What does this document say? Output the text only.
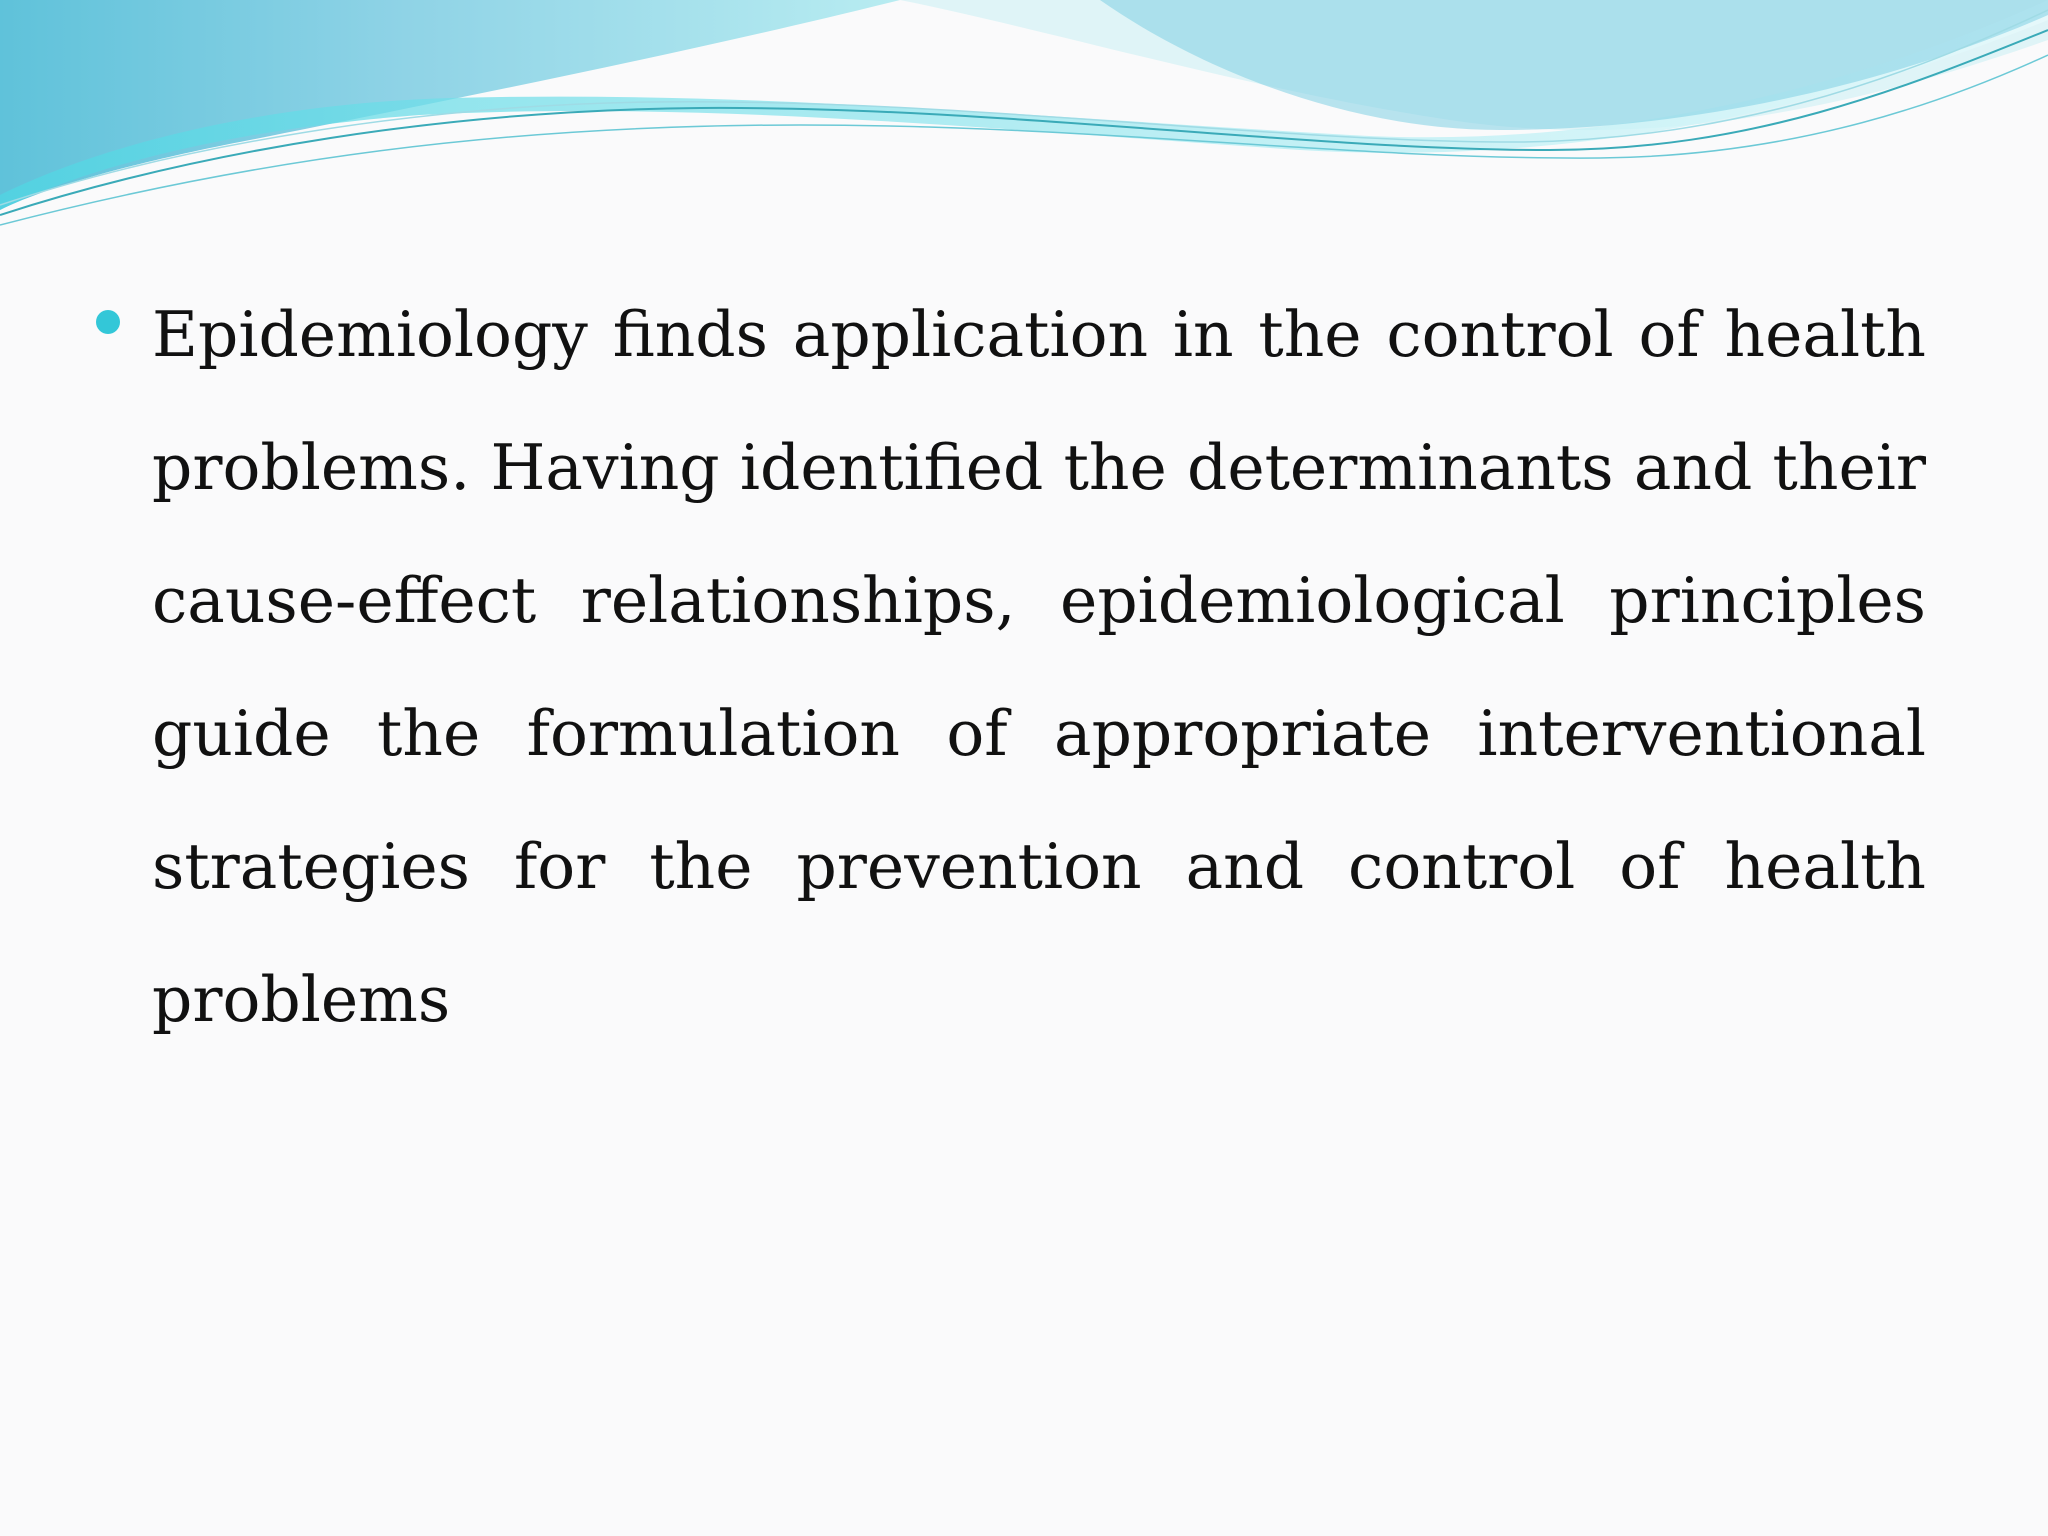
Epidemiology finds application in the control of health problems. Having identified the determinants and their cause-effect relationships, epidemiological principles guide the formulation of appropriate interventional strategies for the prevention and control of health problems
